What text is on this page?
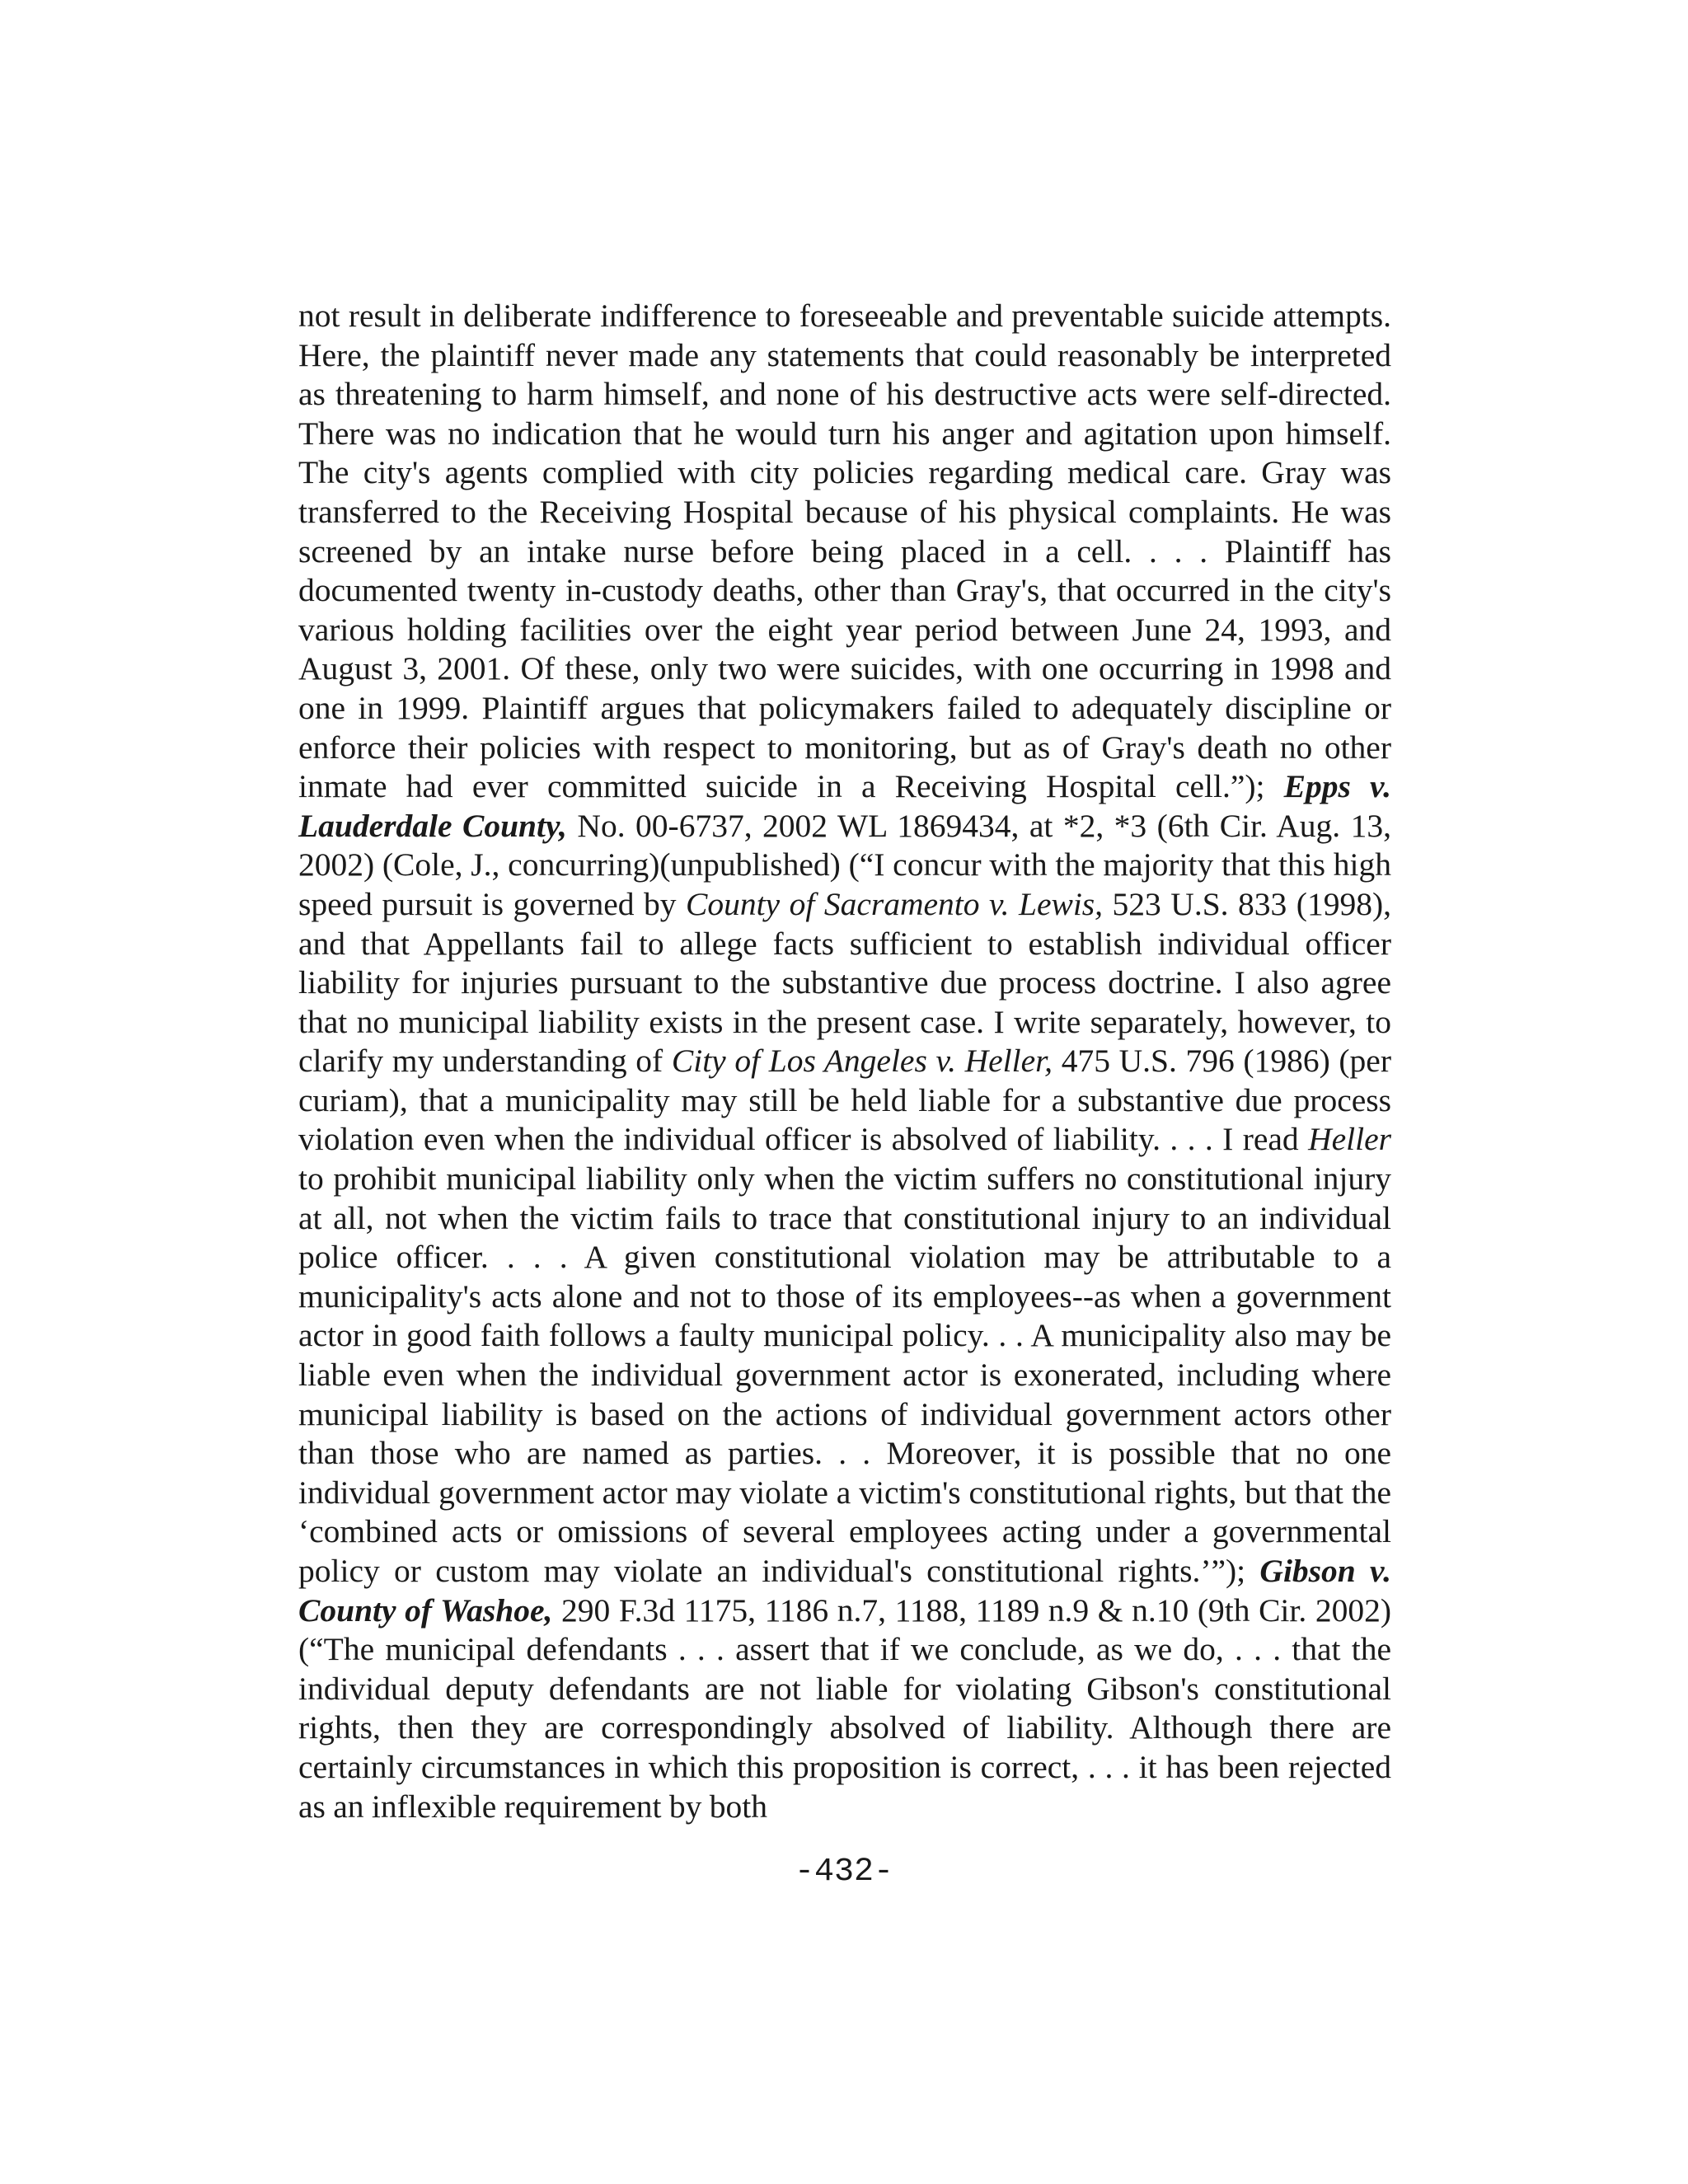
not result in deliberate indifference to foreseeable and preventable suicide attempts. Here, the plaintiff never made any statements that could reasonably be interpreted as threatening to harm himself, and none of his destructive acts were self-directed. There was no indication that he would turn his anger and agitation upon himself. The city's agents complied with city policies regarding medical care. Gray was transferred to the Receiving Hospital because of his physical complaints. He was screened by an intake nurse before being placed in a cell. . . . Plaintiff has documented twenty in-custody deaths, other than Gray's, that occurred in the city's various holding facilities over the eight year period between June 24, 1993, and August 3, 2001. Of these, only two were suicides, with one occurring in 1998 and one in 1999. Plaintiff argues that policymakers failed to adequately discipline or enforce their policies with respect to monitoring, but as of Gray's death no other inmate had ever committed suicide in a Receiving Hospital cell.”); Epps v. Lauderdale County, No. 00-6737, 2002 WL 1869434, at *2, *3 (6th Cir. Aug. 13, 2002) (Cole, J., concurring)(unpublished) (“I concur with the majority that this high speed pursuit is governed by County of Sacramento v. Lewis, 523 U.S. 833 (1998), and that Appellants fail to allege facts sufficient to establish individual officer liability for injuries pursuant to the substantive due process doctrine. I also agree that no municipal liability exists in the present case. I write separately, however, to clarify my understanding of City of Los Angeles v. Heller, 475 U.S. 796 (1986) (per curiam), that a municipality may still be held liable for a substantive due process violation even when the individual officer is absolved of liability. . . . I read Heller to prohibit municipal liability only when the victim suffers no constitutional injury at all, not when the victim fails to trace that constitutional injury to an individual police officer. . . . A given constitutional violation may be attributable to a municipality's acts alone and not to those of its employees--as when a government actor in good faith follows a faulty municipal policy. . . A municipality also may be liable even when the individual government actor is exonerated, including where municipal liability is based on the actions of individual government actors other than those who are named as parties. . . Moreover, it is possible that no one individual government actor may violate a victim's constitutional rights, but that the ‘combined acts or omissions of several employees acting under a governmental policy or custom may violate an individual's constitutional rights.’”); Gibson v. County of Washoe, 290 F.3d 1175, 1186 n.7, 1188, 1189 n.9 & n.10 (9th Cir. 2002) (“The municipal defendants . . . assert that if we conclude, as we do, . . . that the individual deputy defendants are not liable for violating Gibson's constitutional rights, then they are correspondingly absolved of liability. Although there are certainly circumstances in which this proposition is correct, . . . it has been rejected as an inflexible requirement by both

-432-
